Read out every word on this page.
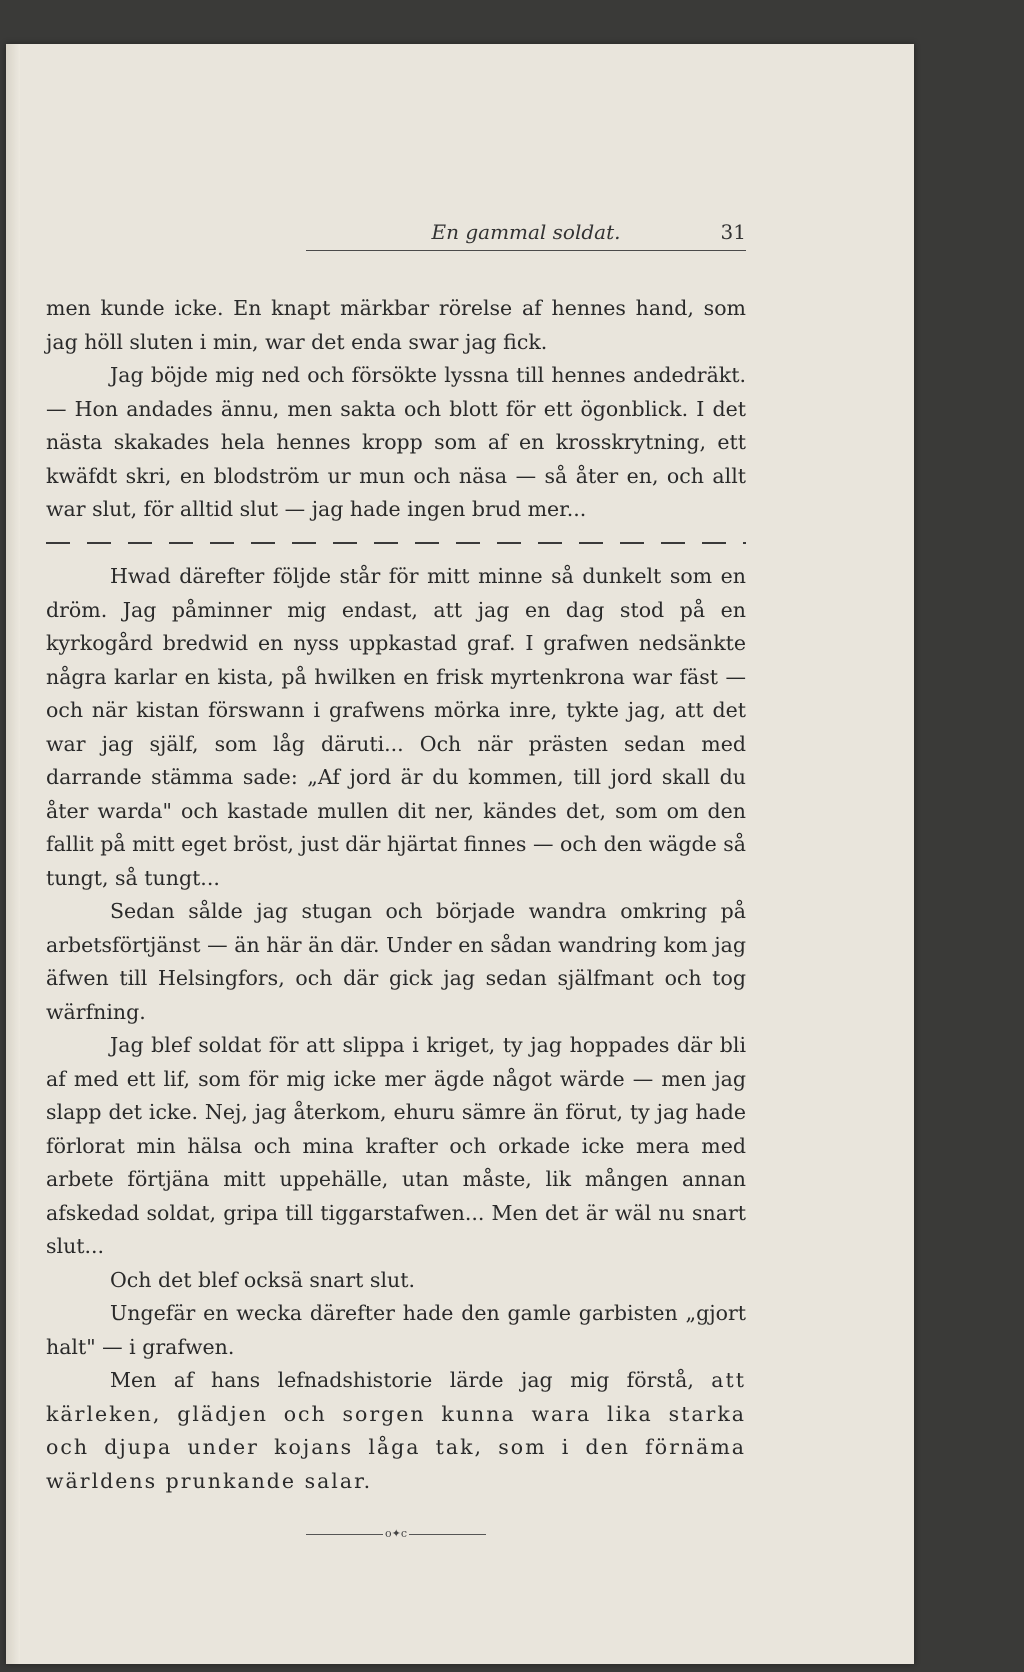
En gammal soldat.	31

men kunde icke. En knapt märkbar rörelse af hennes hand, som jag höll sluten i min, war det enda swar jag fick.

Jag böjde mig ned och försökte lyssna till hennes andedräkt. — Hon andades ännu, men sakta och blott för ett ögonblick. I det nästa skakades hela hennes kropp som af en krosskrytning, ett kwäfdt skri, en blodström ur mun och näsa — så åter en, och allt war slut, för alltid slut — jag hade ingen brud mer...

Hwad därefter följde står för mitt minne så dunkelt som en dröm. Jag påminner mig endast, att jag en dag stod på en kyrkogård bredwid en nyss uppkastad graf. I grafwen nedsänkte några karlar en kista, på hwilken en frisk myrtenkrona war fäst — och när kistan förswann i grafwens mörka inre, tykte jag, att det war jag själf, som låg däruti... Och när prästen sedan med darrande stämma sade: „Af jord är du kommen, till jord skall du åter warda" och kastade mullen dit ner, kändes det, som om den fallit på mitt eget bröst, just där hjärtat finnes — och den wägde så tungt, så tungt...

Sedan sålde jag stugan och började wandra omkring på arbetsförtjänst — än här än där. Under en sådan wandring kom jag äfwen till Helsingfors, och där gick jag sedan själfmant och tog wärfning.

Jag blef soldat för att slippa i kriget, ty jag hoppades där bli af med ett lif, som för mig icke mer ägde något wärde — men jag slapp det icke. Nej, jag återkom, ehuru sämre än förut, ty jag hade förlorat min hälsa och mina krafter och orkade icke mera med arbete förtjäna mitt uppehälle, utan måste, lik mången annan afskedad soldat, gripa till tiggarstafwen... Men det är wäl nu snart slut...

Och det blef ocksä snart slut.

Ungefär en wecka därefter hade den gamle garbisten „gjort halt" — i grafwen.

Men af hans lefnadshistorie lärde jag mig förstå, att kärleken, glädjen och sorgen kunna wara lika starka och djupa under kojans låga tak, som i den förnäma wärldens prunkande salar.

o✦c
